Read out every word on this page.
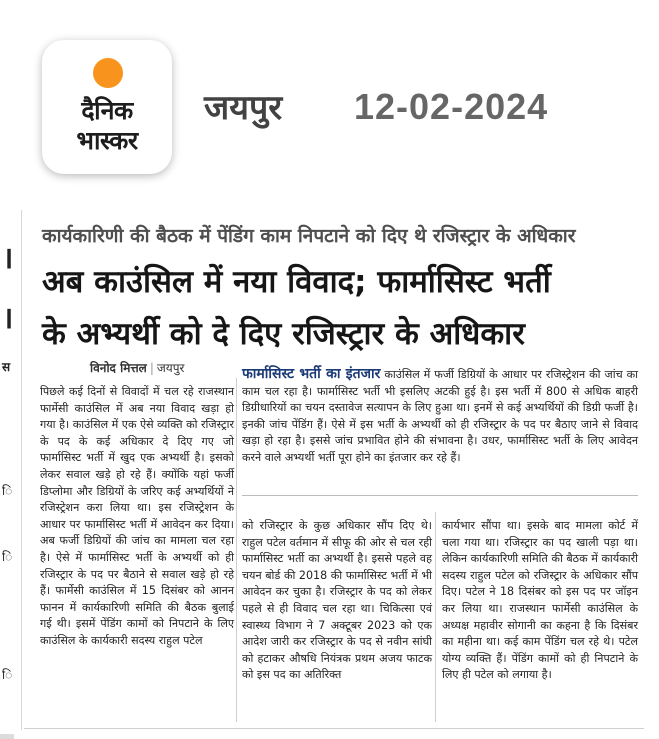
दैनिक
भास्कर
जयपुर 12-02-2024
।
।
स
ि
ि
ि
कार्यकारिणी की बैठक में पेंडिंग काम निपटाने को दिए थे रजिस्ट्रार के अधिकार
अब काउंसिल में नया विवाद; फार्मासिस्ट भर्ती
के अभ्यर्थी को दे दिए रजिस्ट्रार के अधिकार
विनोद मित्तल | जयपुर
पिछले कई दिनों से विवादों में चल रहे राजस्थान फार्मेसी काउंसिल में अब नया विवाद खड़ा हो गया है। काउंसिल में एक ऐसे व्यक्ति को रजिस्ट्रार के पद के कई अधिकार दे दिए गए जो फार्मासिस्ट भर्ती में खुद एक अभ्यर्थी है। इसको लेकर सवाल खड़े हो रहे हैं। क्योंकि यहां फर्जी डिप्लोमा और डिग्रियों के जरिए कई अभ्यर्थियों ने रजिस्ट्रेशन करा लिया था। इस रजिस्ट्रेशन के आधार पर फार्मासिस्ट भर्ती में आवेदन कर दिया। अब फर्जी डिग्रियों की जांच का मामला चल रहा है। ऐसे में फार्मासिस्ट भर्ती के अभ्यर्थी को ही रजिस्ट्रार के पद पर बैठाने से सवाल खड़े हो रहे हैं। फार्मेसी काउंसिल में 15 दिसंबर को आनन फानन में कार्यकारिणी समिति की बैठक बुलाई गई थी। इसमें पेंडिंग कामों को निपटाने के लिए काउंसिल के कार्यकारी सदस्य राहुल पटेल
फार्मासिस्ट भर्ती का इंतजार काउंसिल में फर्जी डिग्रियों के आधार पर रजिस्ट्रेशन की जांच का काम चल रहा है। फार्मासिस्ट भर्ती भी इसलिए अटकी हुई है। इस भर्ती में 800 से अधिक बाहरी डिग्रीधारियों का चयन दस्तावेज सत्यापन के लिए हुआ था। इनमें से कई अभ्यर्थियों की डिग्री फर्जी है। इनकी जांच पेंडिंग हैं। ऐसे में इस भर्ती के अभ्यर्थी को ही रजिस्ट्रार के पद पर बैठाए जाने से विवाद खड़ा हो रहा है। इससे जांच प्रभावित होने की संभावना है। उधर, फार्मासिस्ट भर्ती के लिए आवेदन करने वाले अभ्यर्थी भर्ती पूरा होने का इंतजार कर रहे हैं।
को रजिस्ट्रार के कुछ अधिकार सौंप दिए थे। राहुल पटेल वर्तमान में सीफू की ओर से चल रही फार्मासिस्ट भर्ती का अभ्यर्थी है। इससे पहले वह चयन बोर्ड की 2018 की फार्मासिस्ट भर्ती में भी आवेदन कर चुका है। रजिस्ट्रार के पद को लेकर पहले से ही विवाद चल रहा था। चिकित्सा एवं स्वास्थ्य विभाग ने 7 अक्टूबर 2023 को एक आदेश जारी कर रजिस्ट्रार के पद से नवीन सांघी को हटाकर औषधि नियंत्रक प्रथम अजय फाटक को इस पद का अतिरिक्त
कार्यभार सौंपा था। इसके बाद मामला कोर्ट में चला गया था। रजिस्ट्रार का पद खाली पड़ा था। लेकिन कार्यकारिणी समिति की बैठक में कार्यकारी सदस्य राहुल पटेल को रजिस्ट्रार के अधिकार सौंप दिए। पटेल ने 18 दिसंबर को इस पद पर जॉइन कर लिया था। राजस्थान फार्मेसी काउंसिल के अध्यक्ष महावीर सोगानी का कहना है कि दिसंबर का महीना था। कई काम पेंडिंग चल रहे थे। पटेल योग्य व्यक्ति हैं। पेंडिंग कामों को ही निपटाने के लिए ही पटेल को लगाया है।
